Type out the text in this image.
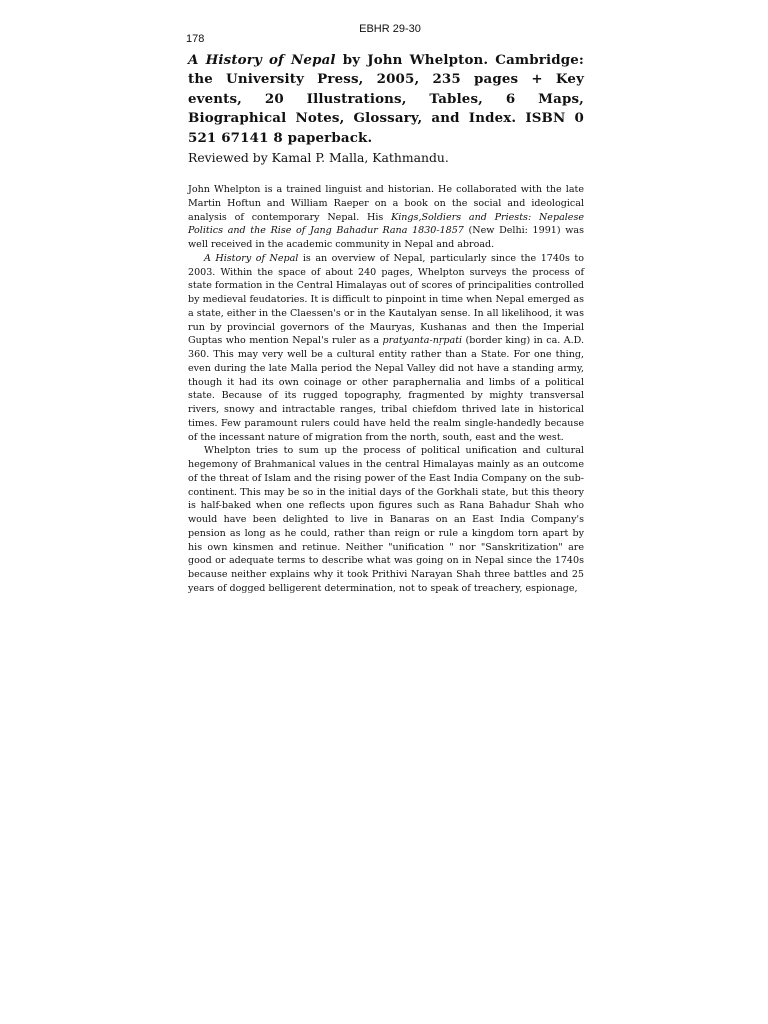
EBHR 29-30
178
A History of Nepal by John Whelpton. Cambridge: the University Press, 2005, 235 pages + Key events, 20 Illustrations, Tables, 6 Maps, Biographical Notes, Glossary, and Index. ISBN 0 521 67141 8 paperback.
Reviewed by Kamal P. Malla, Kathmandu.

John Whelpton is a trained linguist and historian. He collaborated with the late Martin Hoftun and William Raeper on a book on the social and ideological analysis of contemporary Nepal. His Kings,Soldiers and Priests: Nepalese Politics and the Rise of Jang Bahadur Rana 1830-1857 (New Delhi: 1991) was well received in the academic community in Nepal and abroad.

A History of Nepal is an overview of Nepal, particularly since the 1740s to 2003. Within the space of about 240 pages, Whelpton surveys the process of state formation in the Central Himalayas out of scores of principalities controlled by medieval feudatories. It is difficult to pinpoint in time when Nepal emerged as a state, either in the Claessen's or in the Kautalyan sense. In all likelihood, it was run by provincial governors of the Mauryas, Kushanas and then the Imperial Guptas who mention Nepal's ruler as a pratyanta-nṛpati (border king) in ca. A.D. 360. This may very well be a cultural entity rather than a State. For one thing, even during the late Malla period the Nepal Valley did not have a standing army, though it had its own coinage or other paraphernalia and limbs of a political state. Because of its rugged topography, fragmented by mighty transversal rivers, snowy and intractable ranges, tribal chiefdom thrived late in historical times. Few paramount rulers could have held the realm single-handedly because of the incessant nature of migration from the north, south, east and the west.

Whelpton tries to sum up the process of political unification and cultural hegemony of Brahmanical values in the central Himalayas mainly as an outcome of the threat of Islam and the rising power of the East India Company on the sub-continent. This may be so in the initial days of the Gorkhali state, but this theory is half-baked when one reflects upon figures such as Rana Bahadur Shah who would have been delighted to live in Banaras on an East India Company's pension as long as he could, rather than reign or rule a kingdom torn apart by his own kinsmen and retinue. Neither "unification " nor "Sanskritization" are good or adequate terms to describe what was going on in Nepal since the 1740s because neither explains why it took Prithivi Narayan Shah three battles and 25 years of dogged belligerent determination, not to speak of treachery, espionage,
